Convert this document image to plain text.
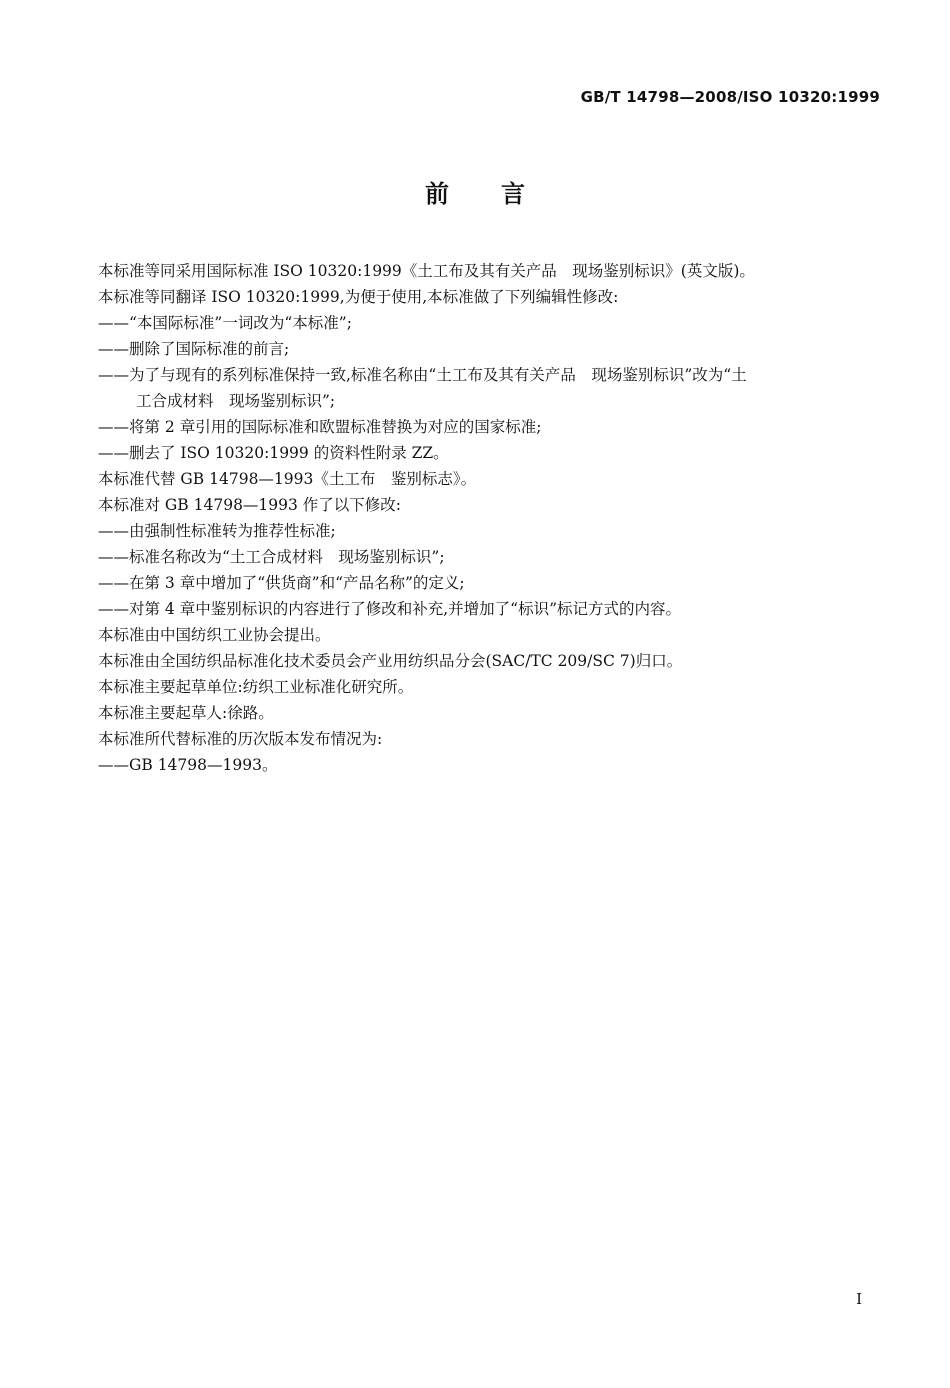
GB/T 14798—2008/ISO 10320:1999
前言

本标准等同采用国际标准 ISO 10320:1999《土工布及其有关产品　现场鉴别标识》(英文版)。

本标准等同翻译 ISO 10320:1999,为便于使用,本标准做了下列编辑性修改:

——“本国际标准”一词改为“本标准”;

——删除了国际标准的前言;

——为了与现有的系列标准保持一致,标准名称由“土工布及其有关产品　现场鉴别标识”改为“土

工合成材料　现场鉴别标识”;

——将第 2 章引用的国际标准和欧盟标准替换为对应的国家标准;

——删去了 ISO 10320:1999 的资料性附录 ZZ。

本标准代替 GB 14798—1993《土工布　鉴别标志》。

本标准对 GB 14798—1993 作了以下修改:

——由强制性标准转为推荐性标准;

——标准名称改为“土工合成材料　现场鉴别标识”;

——在第 3 章中增加了“供货商”和“产品名称”的定义;

——对第 4 章中鉴别标识的内容进行了修改和补充,并增加了“标识”标记方式的内容。

本标准由中国纺织工业协会提出。

本标准由全国纺织品标准化技术委员会产业用纺织品分会(SAC/TC 209/SC 7)归口。

本标准主要起草单位:纺织工业标准化研究所。

本标准主要起草人:徐路。

本标准所代替标准的历次版本发布情况为:

——GB 14798—1993。

I
